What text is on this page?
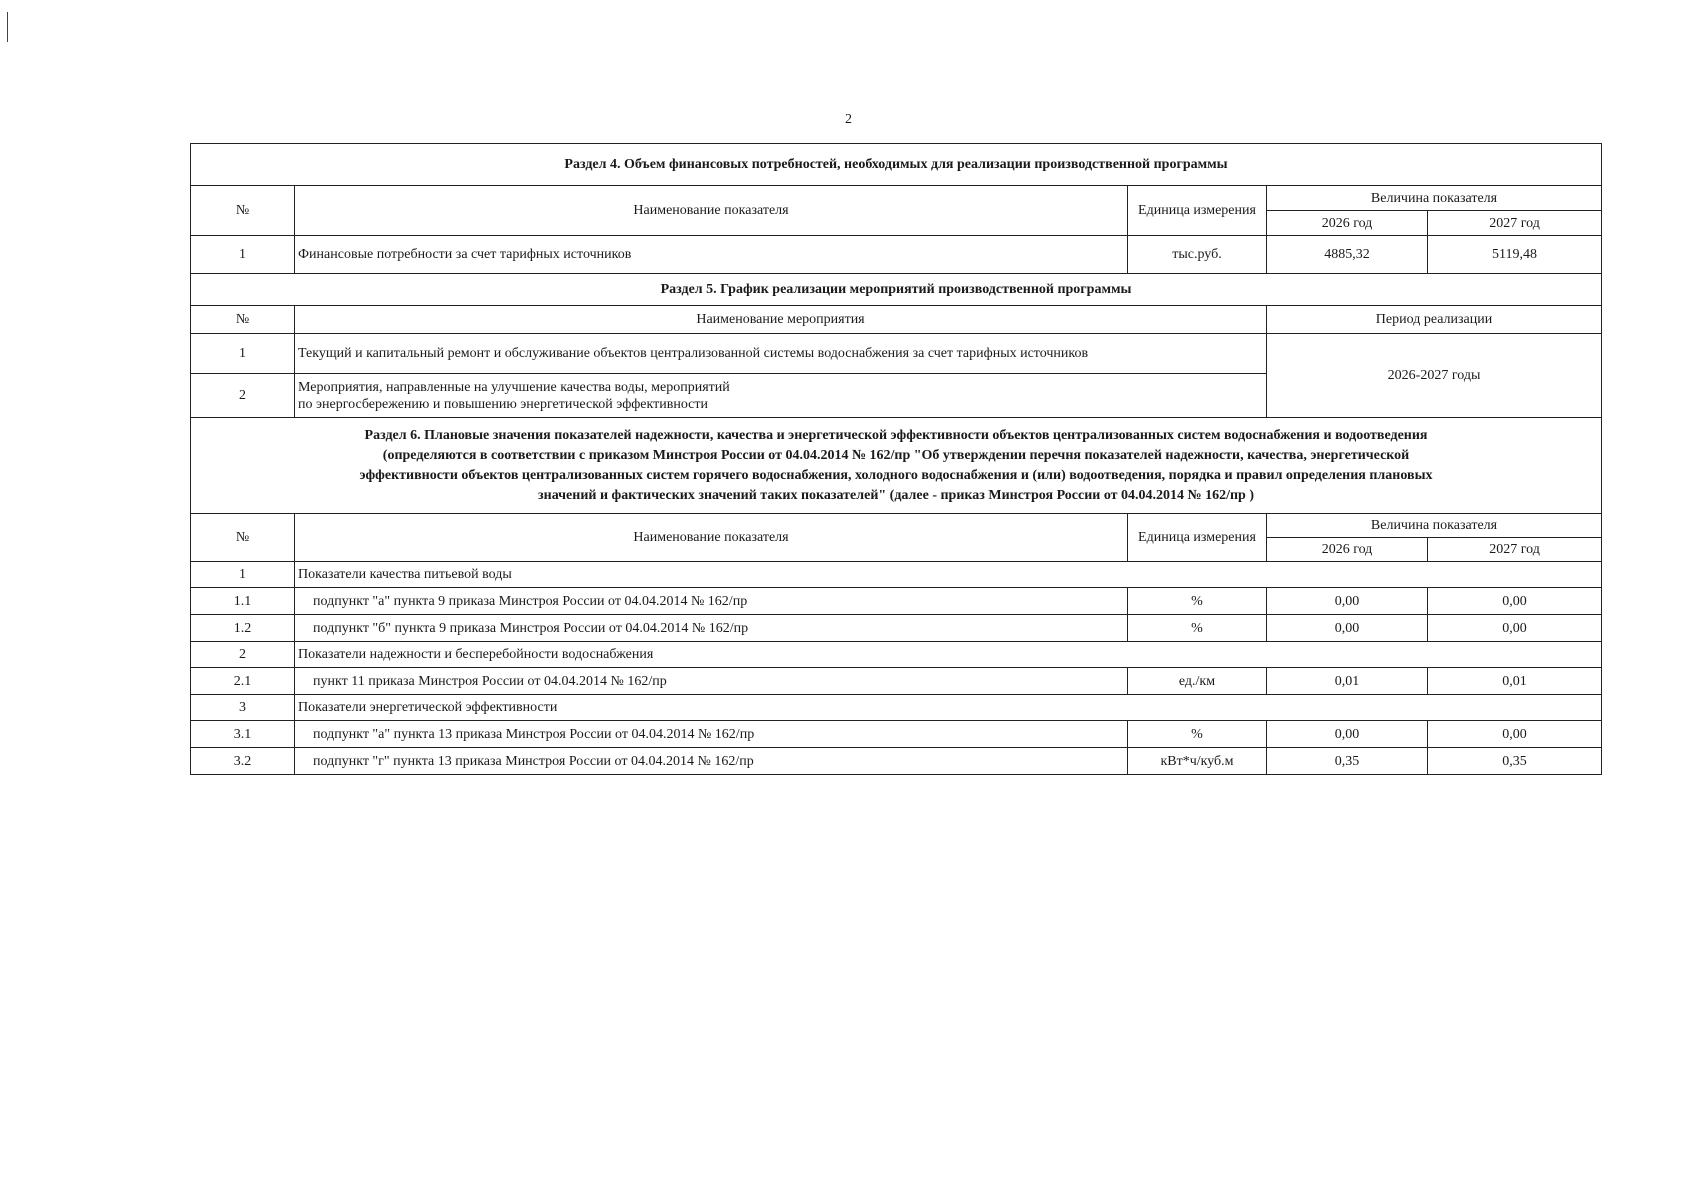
2
Раздел 4. Объем финансовых потребностей, необходимых для реализации производственной программы				
№	Наименование показателя	Единица измерения	Величина показателя	
			2026 год	2027 год
1	Финансовые потребности за счет тарифных источников	тыс.руб.	4885,32	5119,48
Раздел 5. График реализации мероприятий производственной программы				
№	Наименование мероприятия		Период реализации	
1	Текущий и капитальный ремонт и обслуживание объектов централизованной системы водоснабжения за счет тарифных источников		2026-2027 годы	
2	Мероприятия, направленные на улучшение качества воды, мероприятий
по энергосбережению и повышению энергетической эффективности			

Раздел 6. Плановые значения показателей надежности, качества и энергетической эффективности объектов централизованных систем водоснабжения и водоотведения
(определяются в соответствии с приказом Минстроя России от 04.04.2014 № 162/пр "Об утверждении перечня показателей надежности, качества, энергетической
эффективности объектов централизованных систем горячего водоснабжения, холодного водоснабжения и (или) водоотведения, порядка и правил определения плановых
значений и фактических значений таких показателей" (далее - приказ Минстроя России от 04.04.2014 № 162/пр )				

№	Наименование показателя	Единица измерения	Величина показателя	
			2026 год	2027 год
1	Показатели качества питьевой воды			
1.1	подпункт "а" пункта 9 приказа Минстроя России от 04.04.2014 № 162/пр	%	0,00	0,00
1.2	подпункт "б" пункта 9 приказа Минстроя России от 04.04.2014 № 162/пр	%	0,00	0,00
2	Показатели надежности и бесперебойности водоснабжения			
2.1	пункт 11 приказа Минстроя России от 04.04.2014 № 162/пр	ед./км	0,01	0,01
3	Показатели энергетической эффективности			
3.1	подпункт "а" пункта 13 приказа Минстроя России от 04.04.2014 № 162/пр	%	0,00	0,00
3.2	подпункт "г" пункта 13 приказа Минстроя России от 04.04.2014 № 162/пр	кВт*ч/куб.м	0,35	0,35
